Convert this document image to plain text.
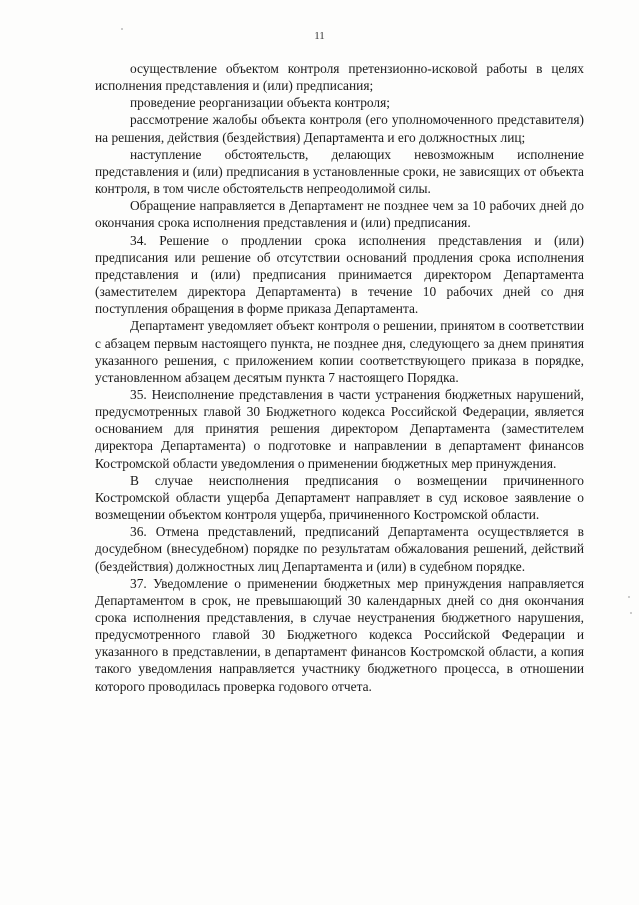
11

осуществление объектом контроля претензионно-исковой работы в целях исполнения представления и (или) предписания;

проведение реорганизации объекта контроля;

рассмотрение жалобы объекта контроля (его уполномоченного представителя) на решения, действия (бездействия) Департамента и его должностных лиц;

наступление обстоятельств, делающих невозможным исполнение представления и (или) предписания в установленные сроки, не зависящих от объекта контроля, в том числе обстоятельств непреодолимой силы.

Обращение направляется в Департамент не позднее чем за 10 рабочих дней до окончания срока исполнения представления и (или) предписания.

34. Решение о продлении срока исполнения представления и (или) предписания или решение об отсутствии оснований продления срока исполнения представления и (или) предписания принимается директором Департамента (заместителем директора Департамента) в течение 10 рабочих дней со дня поступления обращения в форме приказа Департамента.

Департамент уведомляет объект контроля о решении, принятом в соответствии с абзацем первым настоящего пункта, не позднее дня, следующего за днем принятия указанного решения, с приложением копии соответствующего приказа в порядке, установленном абзацем десятым пункта 7 настоящего Порядка.

35. Неисполнение представления в части устранения бюджетных нарушений, предусмотренных главой 30 Бюджетного кодекса Российской Федерации, является основанием для принятия решения директором Департамента (заместителем директора Департамента) о подготовке и направлении в департамент финансов Костромской области уведомления о применении бюджетных мер принуждения.

В случае неисполнения предписания о возмещении причиненного Костромской области ущерба Департамент направляет в суд исковое заявление о возмещении объектом контроля ущерба, причиненного Костромской области.

36. Отмена представлений, предписаний Департамента осуществляется в досудебном (внесудебном) порядке по результатам обжалования решений, действий (бездействия) должностных лиц Департамента и (или) в судебном порядке.

37. Уведомление о применении бюджетных мер принуждения направляется Департаментом в срок, не превышающий 30 календарных дней со дня окончания срока исполнения представления, в случае неустранения бюджетного нарушения, предусмотренного главой 30 Бюджетного кодекса Российской Федерации и указанного в представлении, в департамент финансов Костромской области, а копия такого уведомления направляется участнику бюджетного процесса, в отношении которого проводилась проверка годового отчета.
